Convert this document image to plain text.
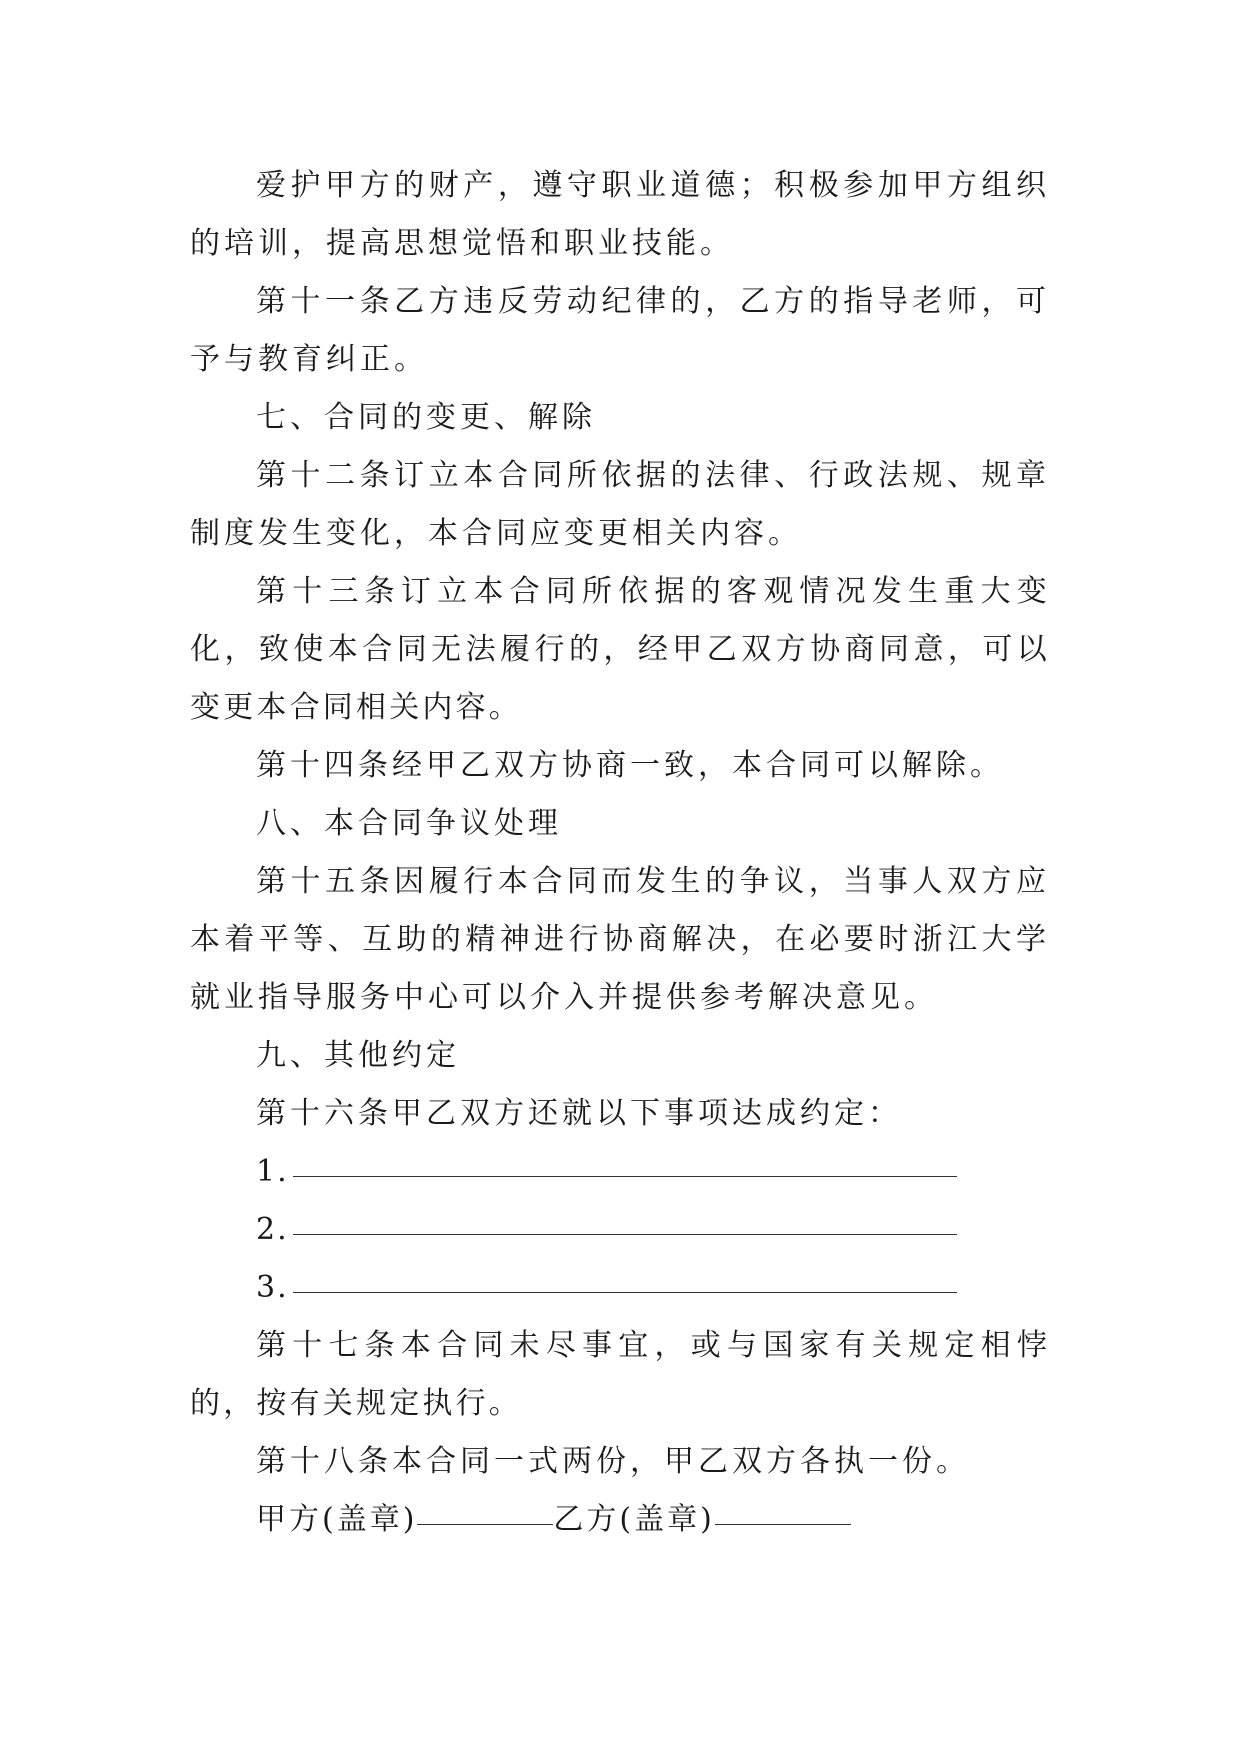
爱护甲方的财产，遵守职业道德；积极参加甲方组织的培训，提高思想觉悟和职业技能。

第十一条乙方违反劳动纪律的，乙方的指导老师，可予与教育纠正。

七、合同的变更、解除

第十二条订立本合同所依据的法律、行政法规、规章制度发生变化，本合同应变更相关内容。

第十三条订立本合同所依据的客观情况发生重大变化，致使本合同无法履行的，经甲乙双方协商同意，可以变更本合同相关内容。

第十四条经甲乙双方协商一致，本合同可以解除。

八、本合同争议处理

第十五条因履行本合同而发生的争议，当事人双方应本着平等、互助的精神进行协商解决，在必要时浙江大学就业指导服务中心可以介入并提供参考解决意见。

九、其他约定

第十六条甲乙双方还就以下事项达成约定：

1.
2.
3.

第十七条本合同未尽事宜，或与国家有关规定相悖的，按有关规定执行。

第十八条本合同一式两份，甲乙双方各执一份。

甲方(盖章)	乙方(盖章)
